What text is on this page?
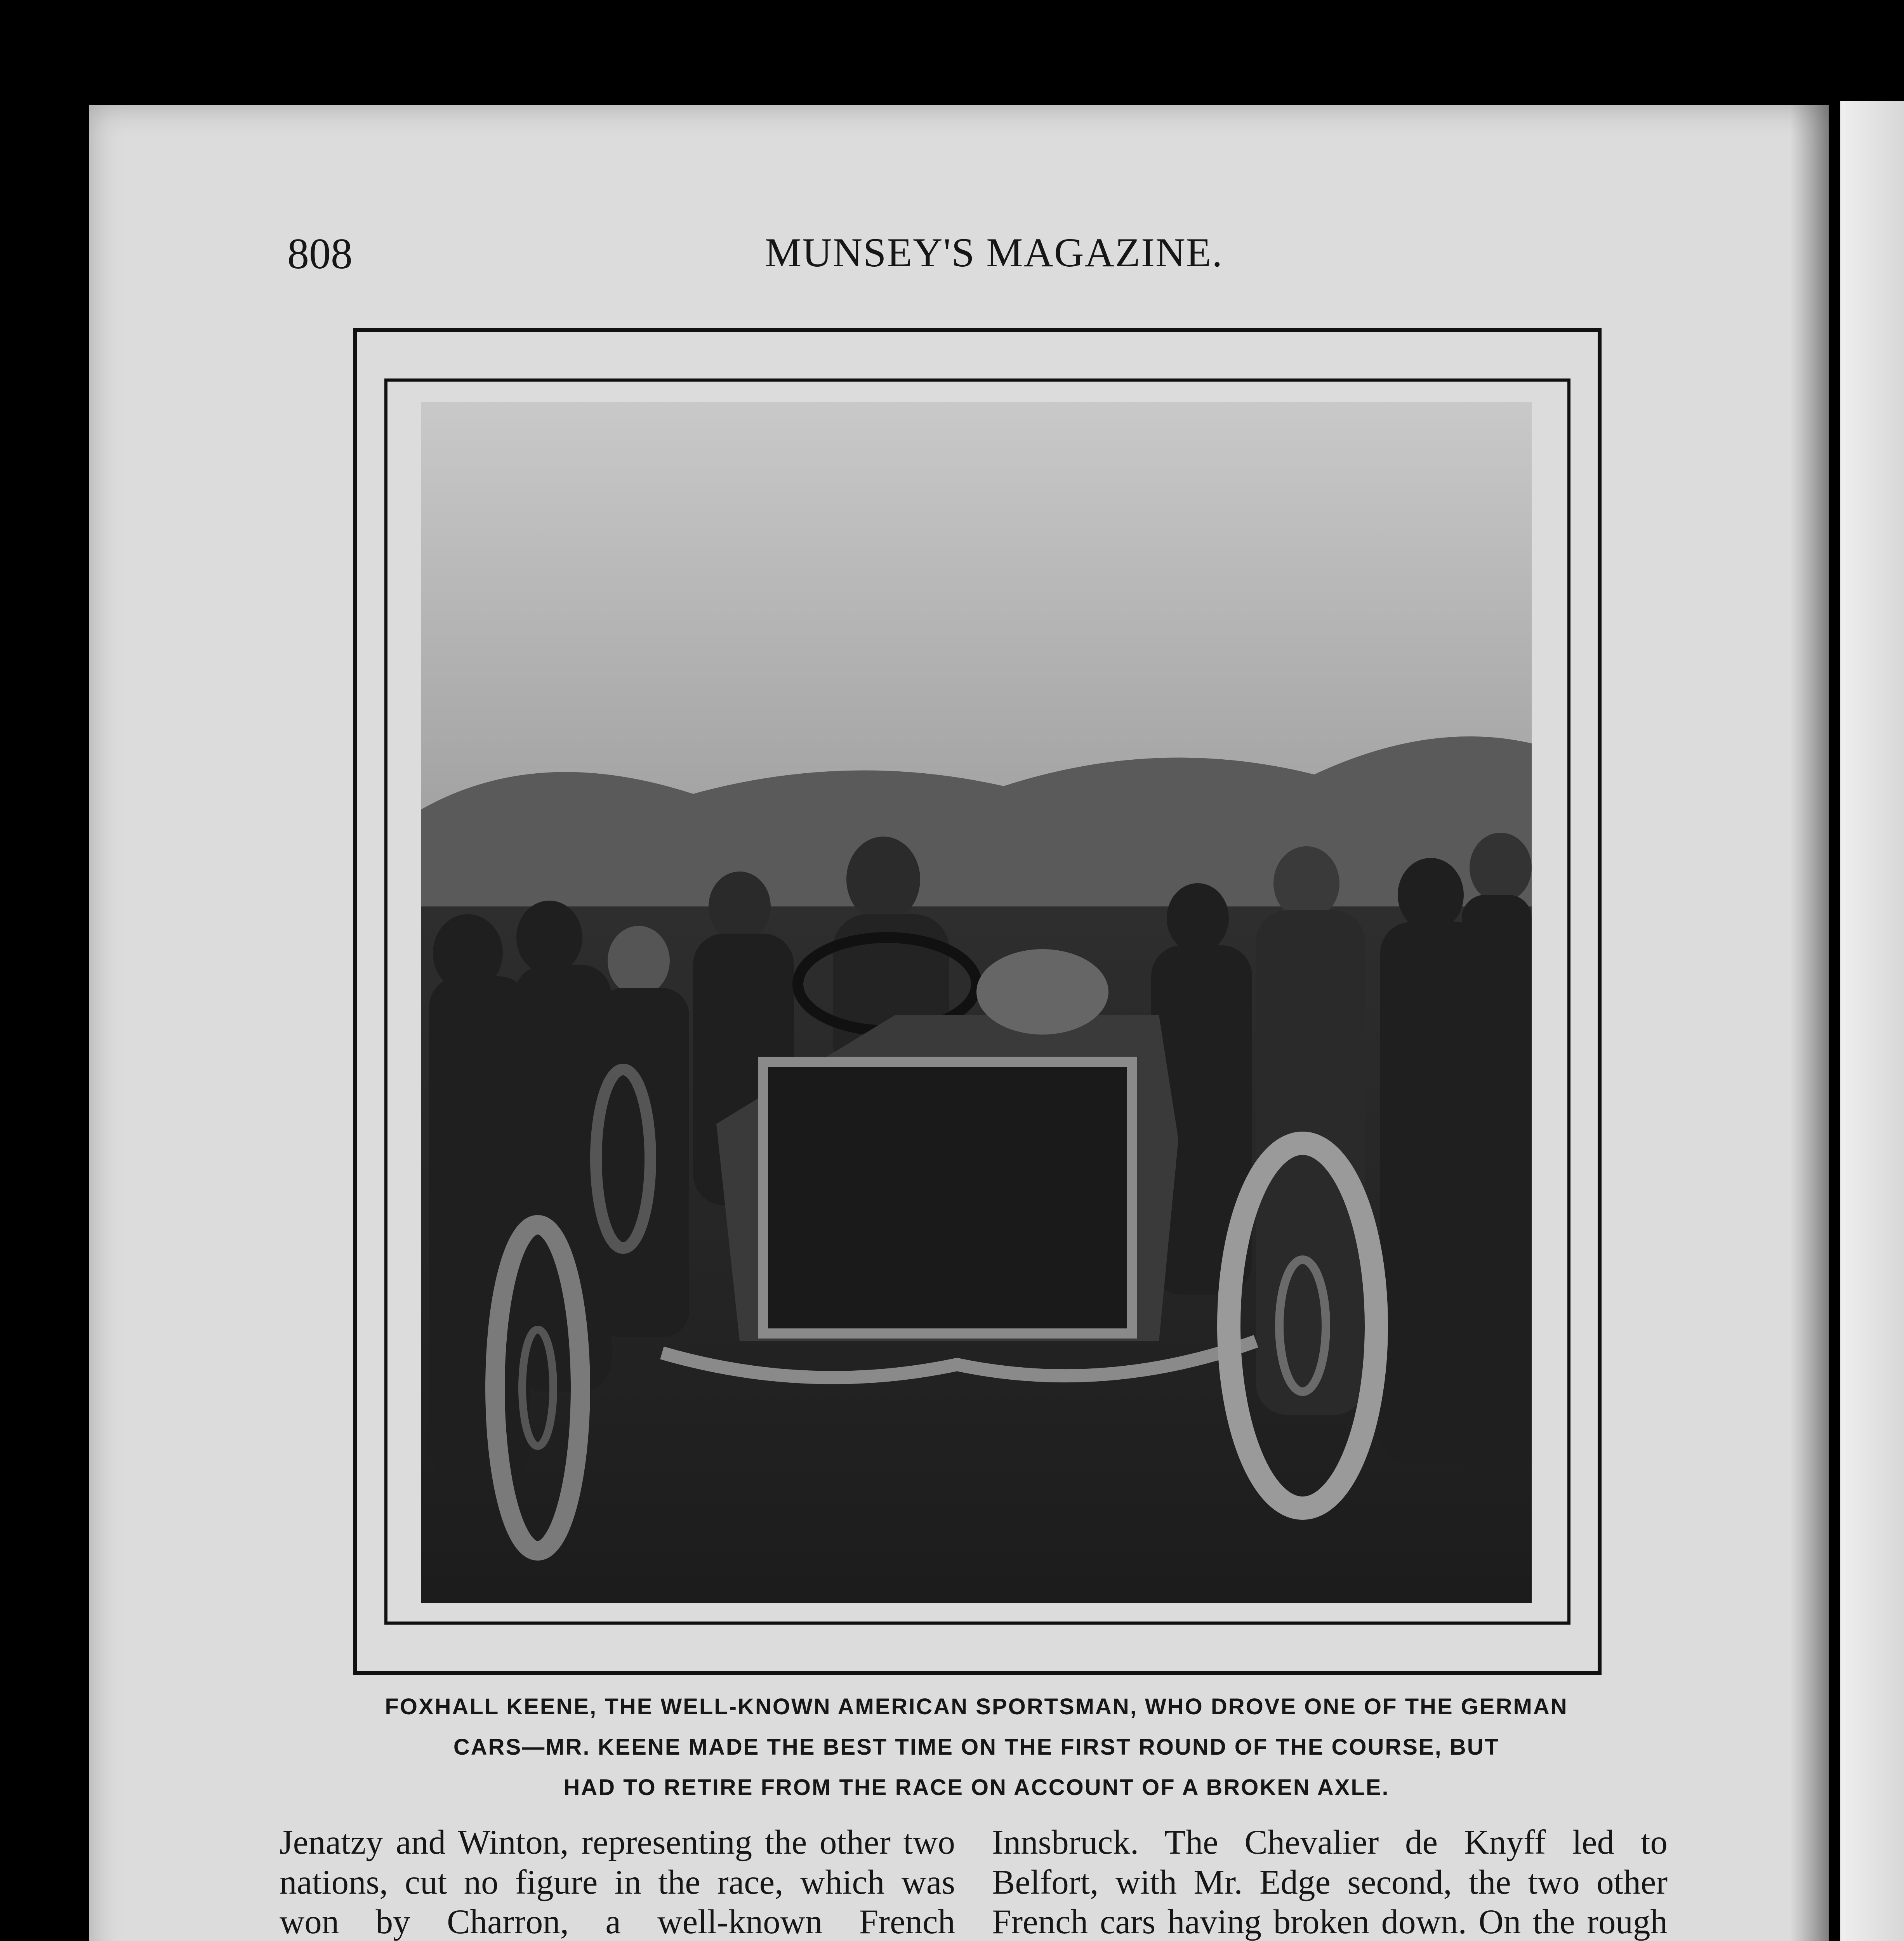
808	MUNSEY'S MAGAZINE.
FOXHALL KEENE, THE WELL-KNOWN AMERICAN SPORTSMAN, WHO DROVE ONE OF THE GERMAN
CARS—MR. KEENE MADE THE BEST TIME ON THE FIRST ROUND OF THE COURSE, BUT
HAD TO RETIRE FROM THE RACE ON ACCOUNT OF A BROKEN AXLE.

Jenatzy and Winton, representing the other two nations, cut no figure in the race, which was won by Charron, a well-known French

Innsbruck. The Chevalier de Knyff led to Belfort, with Mr. Edge second, the two other French cars having broken down. On the rough
